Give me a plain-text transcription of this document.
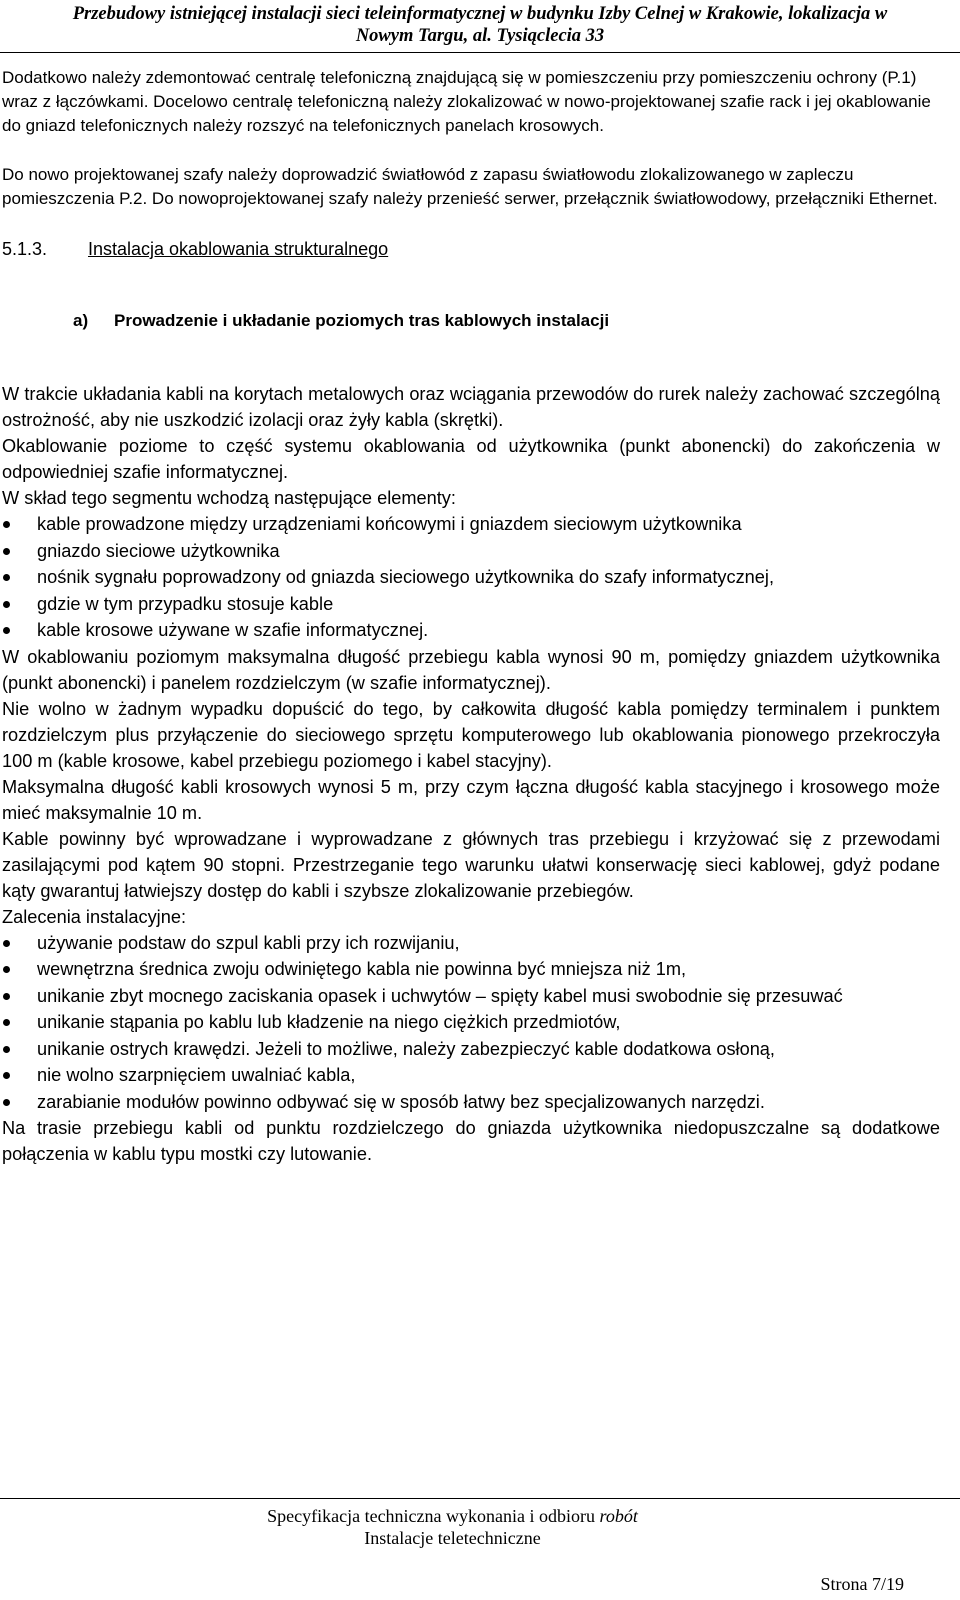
Przebudowy istniejącej instalacji sieci teleinformatycznej w budynku Izby Celnej w Krakowie, lokalizacja w
Nowym Targu, al. Tysiąclecia 33

Dodatkowo należy zdemontować centralę telefoniczną znajdującą się w pomieszczeniu przy pomieszczeniu ochrony (P.1) wraz z łączówkami. Docelowo centralę telefoniczną należy zlokalizować w nowo-projektowanej szafie rack i jej okablowanie do gniazd telefonicznych należy rozszyć na telefonicznych panelach krosowych.

Do nowo projektowanej szafy należy doprowadzić światłowód z zapasu światłowodu zlokalizowanego w zapleczu pomieszczenia P.2. Do nowoprojektowanej szafy należy przenieść serwer, przełącznik światłowodowy, przełączniki Ethernet.

5.1.3. Instalacja okablowania strukturalnego

a) Prowadzenie i układanie poziomych tras kablowych instalacji

W trakcie układania kabli na korytach metalowych oraz wciągania przewodów do rurek należy zachować szczególną ostrożność, aby nie uszkodzić izolacji oraz żyły kabla (skrętki).

Okablowanie poziome to część systemu okablowania od użytkownika (punkt abonencki) do zakończenia w odpowiedniej szafie informatycznej.

W skład tego segmentu wchodzą następujące elementy:

kable prowadzone między urządzeniami końcowymi i gniazdem sieciowym użytkownika
gniazdo sieciowe użytkownika
nośnik sygnału poprowadzony od gniazda sieciowego użytkownika do szafy informatycznej,
gdzie w tym przypadku stosuje kable
kable krosowe używane w szafie informatycznej.

W okablowaniu poziomym maksymalna długość przebiegu kabla wynosi 90 m, pomiędzy gniazdem użytkownika (punkt abonencki) i panelem rozdzielczym (w szafie informatycznej).

Nie wolno w żadnym wypadku dopuścić do tego, by całkowita długość kabla pomiędzy terminalem i punktem rozdzielczym plus przyłączenie do sieciowego sprzętu komputerowego lub okablowania pionowego przekroczyła 100 m (kable krosowe, kabel przebiegu poziomego i kabel stacyjny).

Maksymalna długość kabli krosowych wynosi 5 m, przy czym łączna długość kabla stacyjnego i krosowego może mieć maksymalnie 10 m.

Kable powinny być wprowadzane i wyprowadzane z głównych tras przebiegu i krzyżować się z przewodami zasilającymi pod kątem 90 stopni. Przestrzeganie tego warunku ułatwi konserwację sieci kablowej, gdyż podane kąty gwarantuj łatwiejszy dostęp do kabli i szybsze zlokalizowanie przebiegów.

Zalecenia instalacyjne:

używanie podstaw do szpul kabli przy ich rozwijaniu,
wewnętrzna średnica zwoju odwiniętego kabla nie powinna być mniejsza niż 1m,
unikanie zbyt mocnego zaciskania opasek i uchwytów – spięty kabel musi swobodnie się przesuwać
unikanie stąpania po kablu lub kładzenie na niego ciężkich przedmiotów,
unikanie ostrych krawędzi. Jeżeli to możliwe, należy zabezpieczyć kable dodatkowa osłoną,
nie wolno szarpnięciem uwalniać kabla,
zarabianie modułów powinno odbywać się w sposób łatwy bez specjalizowanych narzędzi.

Na trasie przebiegu kabli od punktu rozdzielczego do gniazda użytkownika niedopuszczalne są dodatkowe połączenia w kablu typu mostki czy lutowanie.

Specyfikacja techniczna wykonania i odbioru robót
Instalacje teletechniczne
Strona 7/19
